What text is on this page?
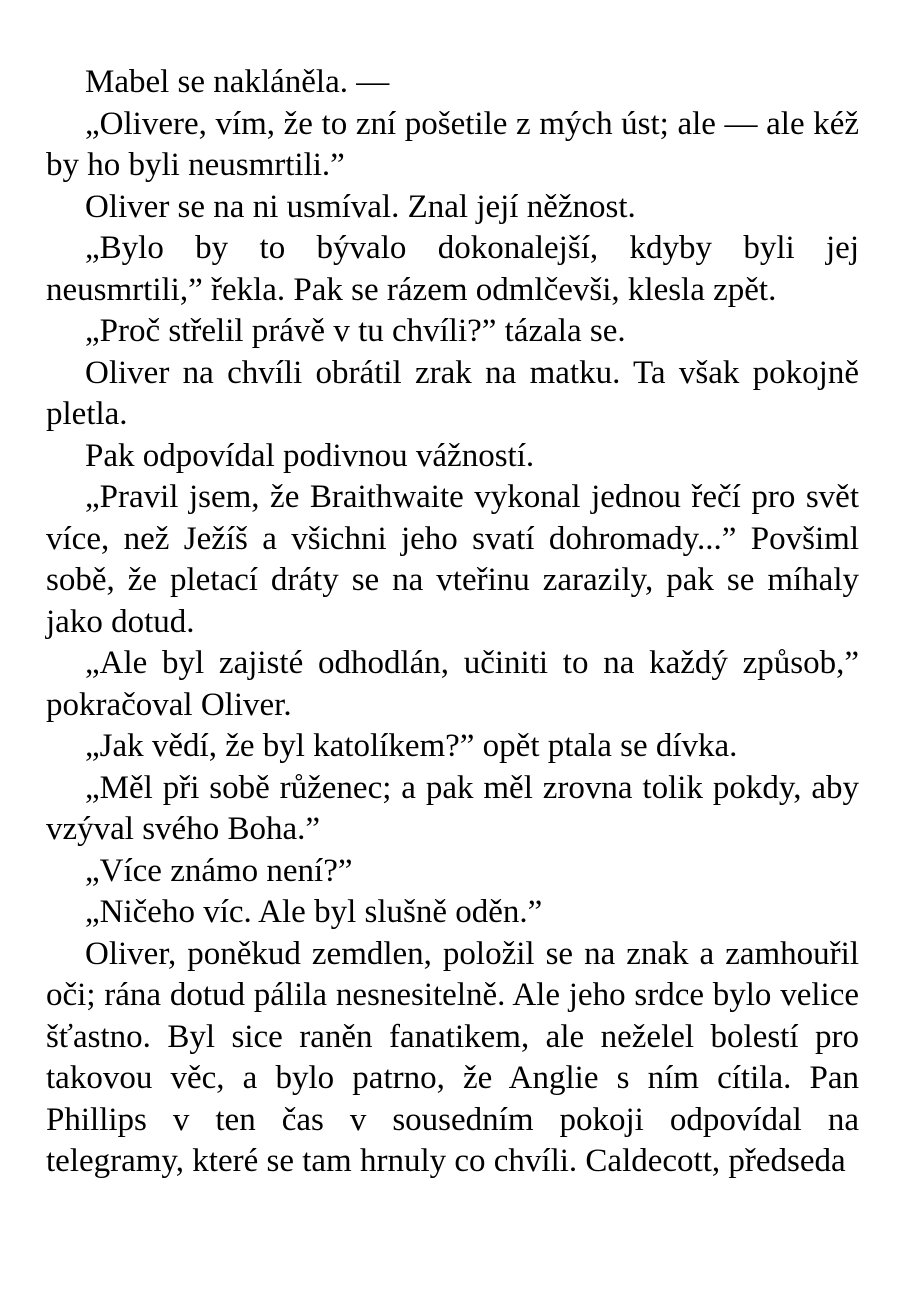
Mabel se nakláněla. —

„Olivere, vím, že to zní pošetile z mých úst; ale — ale kéž by ho byli neusmrtili.”

Oliver se na ni usmíval. Znal její něžnost.

„Bylo by to bývalo dokonalejší, kdyby byli jej neusmrtili,” řekla. Pak se rázem odmlčevši, klesla zpět.

„Proč střelil právě v tu chvíli?” tázala se.

Oliver na chvíli obrátil zrak na matku. Ta však pokojně pletla.

Pak odpovídal podivnou vážností.

„Pravil jsem, že Braithwaite vykonal jednou řečí pro svět více, než Ježíš a všichni jeho svatí dohromady...” Povšiml sobě, že pletací dráty se na vteřinu zarazily, pak se míhaly jako dotud.

„Ale byl zajisté odhodlán, učiniti to na každý způsob,” pokračoval Oliver.

„Jak vědí, že byl katolíkem?” opět ptala se dívka.

„Měl při sobě růženec; a pak měl zrovna tolik pokdy, aby vzýval svého Boha.”

„Více známo není?”

„Ničeho víc. Ale byl slušně oděn.”

Oliver, poněkud zemdlen, položil se na znak a zamhouřil oči; rána dotud pálila nesnesitelně. Ale jeho srdce bylo velice šťastno. Byl sice raněn fanatikem, ale neželel bolestí pro takovou věc, a bylo patrno, že Anglie s ním cítila. Pan Phillips v ten čas v sousedním pokoji odpovídal na telegramy, které se tam hrnuly co chvíli. Caldecott, předseda
